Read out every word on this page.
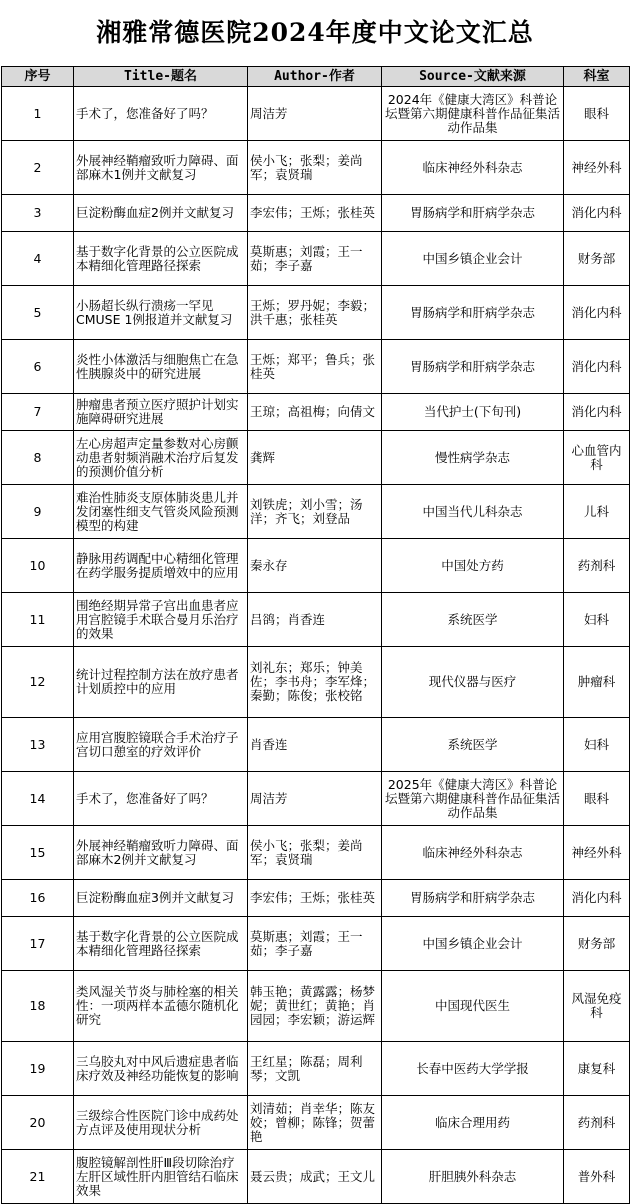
湘雅常德医院2024年度中文论文汇总
序号	Title-题名	Author-作者	Source-文献来源	科室
1	手术了，您准备好了吗？	周洁芳	2024年《健康大湾区》科普论坛暨第六期健康科普作品征集活动作品集	眼科
2	外展神经鞘瘤致听力障碍、面部麻木1例并文献复习	侯小飞；张梨；姜尚军；袁贤瑞	临床神经外科杂志	神经外科
3	巨淀粉酶血症2例并文献复习	李宏伟；王烁；张桂英	胃肠病学和肝病学杂志	消化内科
4	基于数字化背景的公立医院成本精细化管理路径探索	莫斯惠；刘霞；王一茹；李子嘉	中国乡镇企业会计	财务部
5	小肠超长纵行溃疡一罕见CMUSE 1例报道并文献复习	王烁；罗丹妮；李毅；洪千惠；张桂英	胃肠病学和肝病学杂志	消化内科
6	炎性小体激活与细胞焦亡在急性胰腺炎中的研究进展	王烁；郑平；鲁兵；张桂英	胃肠病学和肝病学杂志	消化内科
7	肿瘤患者预立医疗照护计划实施障碍研究进展	王琼；高祖梅；向倩文	当代护士(下旬刊)	消化内科
8	左心房超声定量参数对心房颤动患者射频消融术治疗后复发的预测价值分析	龚辉	慢性病学杂志	心血管内科
9	难治性肺炎支原体肺炎患儿并发闭塞性细支气管炎风险预测模型的构建	刘铁虎；刘小雪；汤洋；齐飞；刘登品	中国当代儿科杂志	儿科
10	静脉用药调配中心精细化管理在药学服务提质增效中的应用	秦永存	中国处方药	药剂科
11	围绝经期异常子宫出血患者应用宫腔镜手术联合曼月乐治疗的效果	吕鹆；肖香连	系统医学	妇科
12	统计过程控制方法在放疗患者计划质控中的应用	刘礼东；郑乐；钟美佐；李书舟；李军烽；秦勤；陈俊；张校铭	现代仪器与医疗	肿瘤科
13	应用宫腹腔镜联合手术治疗子宫切口憩室的疗效评价	肖香连	系统医学	妇科
14	手术了，您准备好了吗？	周洁芳	2025年《健康大湾区》科普论坛暨第六期健康科普作品征集活动作品集	眼科
15	外展神经鞘瘤致听力障碍、面部麻木2例并文献复习	侯小飞；张梨；姜尚军；袁贤瑞	临床神经外科杂志	神经外科
16	巨淀粉酶血症3例并文献复习	李宏伟；王烁；张桂英	胃肠病学和肝病学杂志	消化内科
17	基于数字化背景的公立医院成本精细化管理路径探索	莫斯惠；刘霞；王一茹；李子嘉	中国乡镇企业会计	财务部
18	类风湿关节炎与肺栓塞的相关性：一项两样本孟德尔随机化研究	韩玉艳；黄露露；杨梦妮；黄世红；黄艳；肖园园；李宏颖；游运辉	中国现代医生	风湿免疫科
19	三乌胶丸对中风后遗症患者临床疗效及神经功能恢复的影响	王红星；陈磊；周利琴；文凯	长春中医药大学学报	康复科
20	三级综合性医院门诊中成药处方点评及使用现状分析	刘清茹；肖幸华；陈友姣；曾柳；陈锋；贺蕾艳	临床合理用药	药剂科
21	腹腔镜解剖性肝Ⅲ段切除治疗左肝区域性肝内胆管结石临床效果	聂云贵；成武；王文儿	肝胆胰外科杂志	普外科
